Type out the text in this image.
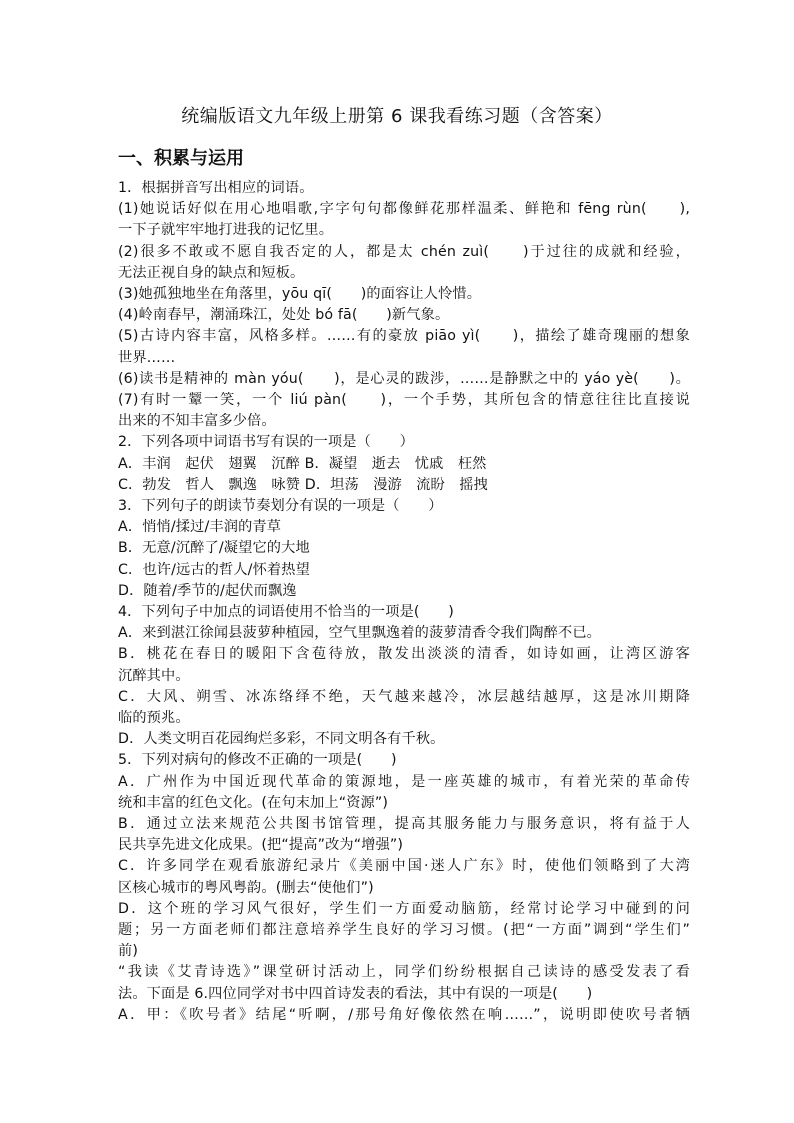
统编版语文九年级上册第 6 课我看练习题（含答案）
一、积累与运用
1．根据拼音写出相应的词语。
(1)她说话好似在用心地唱歌,字字句句都像鲜花那样温柔、鲜艳和 fēng rùn(　　),
一下子就牢牢地打进我的记忆里。
(2)很多不敢或不愿自我否定的人，都是太 chén zuì(　　)于过往的成就和经验，
无法正视自身的缺点和短板。
(3)她孤独地坐在角落里，yōu qī(　　)的面容让人怜惜。
(4)岭南春早，潮涌珠江，处处 bó fā(　　)新气象。
(5)古诗内容丰富，风格多样。……有的豪放 piāo yì(　　)，描绘了雄奇瑰丽的想象
世界……
(6)读书是精神的 màn yóu(　　)，是心灵的跋涉，……是静默之中的 yáo yè(　　)。
(7)有时一颦一笑，一个 liú pàn(　　)，一个手势，其所包含的情意往往比直接说
出来的不知丰富多少倍。
2．下列各项中词语书写有误的一项是（　　）
A．丰润　起伏　翅翼　沉醉 B．凝望　逝去　忧戚　枉然
C．勃发　哲人　飘逸　咏赞 D．坦荡　漫游　流盼　摇拽
3．下列句子的朗读节奏划分有误的一项是（　　）
A．悄悄/揉过/丰润的青草
B．无意/沉醉了/凝望它的大地
C．也许/远古的哲人/怀着热望
D．随着/季节的/起伏而飘逸
4．下列句子中加点的词语使用不恰当的一项是(　　)
A．来到湛江徐闻县菠萝种植园，空气里飘逸着的菠萝清香令我们陶醉不已。
B．桃花在春日的暖阳下含苞待放，散发出淡淡的清香，如诗如画，让湾区游客
沉醉其中。
C．大风、朔雪、冰冻络绎不绝，天气越来越冷，冰层越结越厚，这是冰川期降
临的预兆。
D．人类文明百花园绚烂多彩，不同文明各有千秋。
5．下列对病句的修改不正确的一项是(　　)
A．广州作为中国近现代革命的策源地，是一座英雄的城市，有着光荣的革命传
统和丰富的红色文化。(在句末加上“资源”)
B．通过立法来规范公共图书馆管理，提高其服务能力与服务意识，将有益于人
民共享先进文化成果。(把“提高”改为“增强”)
C．许多同学在观看旅游纪录片《美丽中国·迷人广东》时，使他们领略到了大湾
区核心城市的粤风粤韵。(删去“使他们”)
D．这个班的学习风气很好，学生们一方面爱动脑筋，经常讨论学习中碰到的问
题；另一方面老师们都注意培养学生良好的学习习惯。(把“一方面”调到“学生们”
前)
“我读《艾青诗选》”课堂研讨活动上，同学们纷纷根据自己读诗的感受发表了看
法。下面是 6.四位同学对书中四首诗发表的看法，其中有误的一项是(　　)
A．甲：《吹号者》结尾“听啊，/那号角好像依然在响……”，说明即使吹号者牺
